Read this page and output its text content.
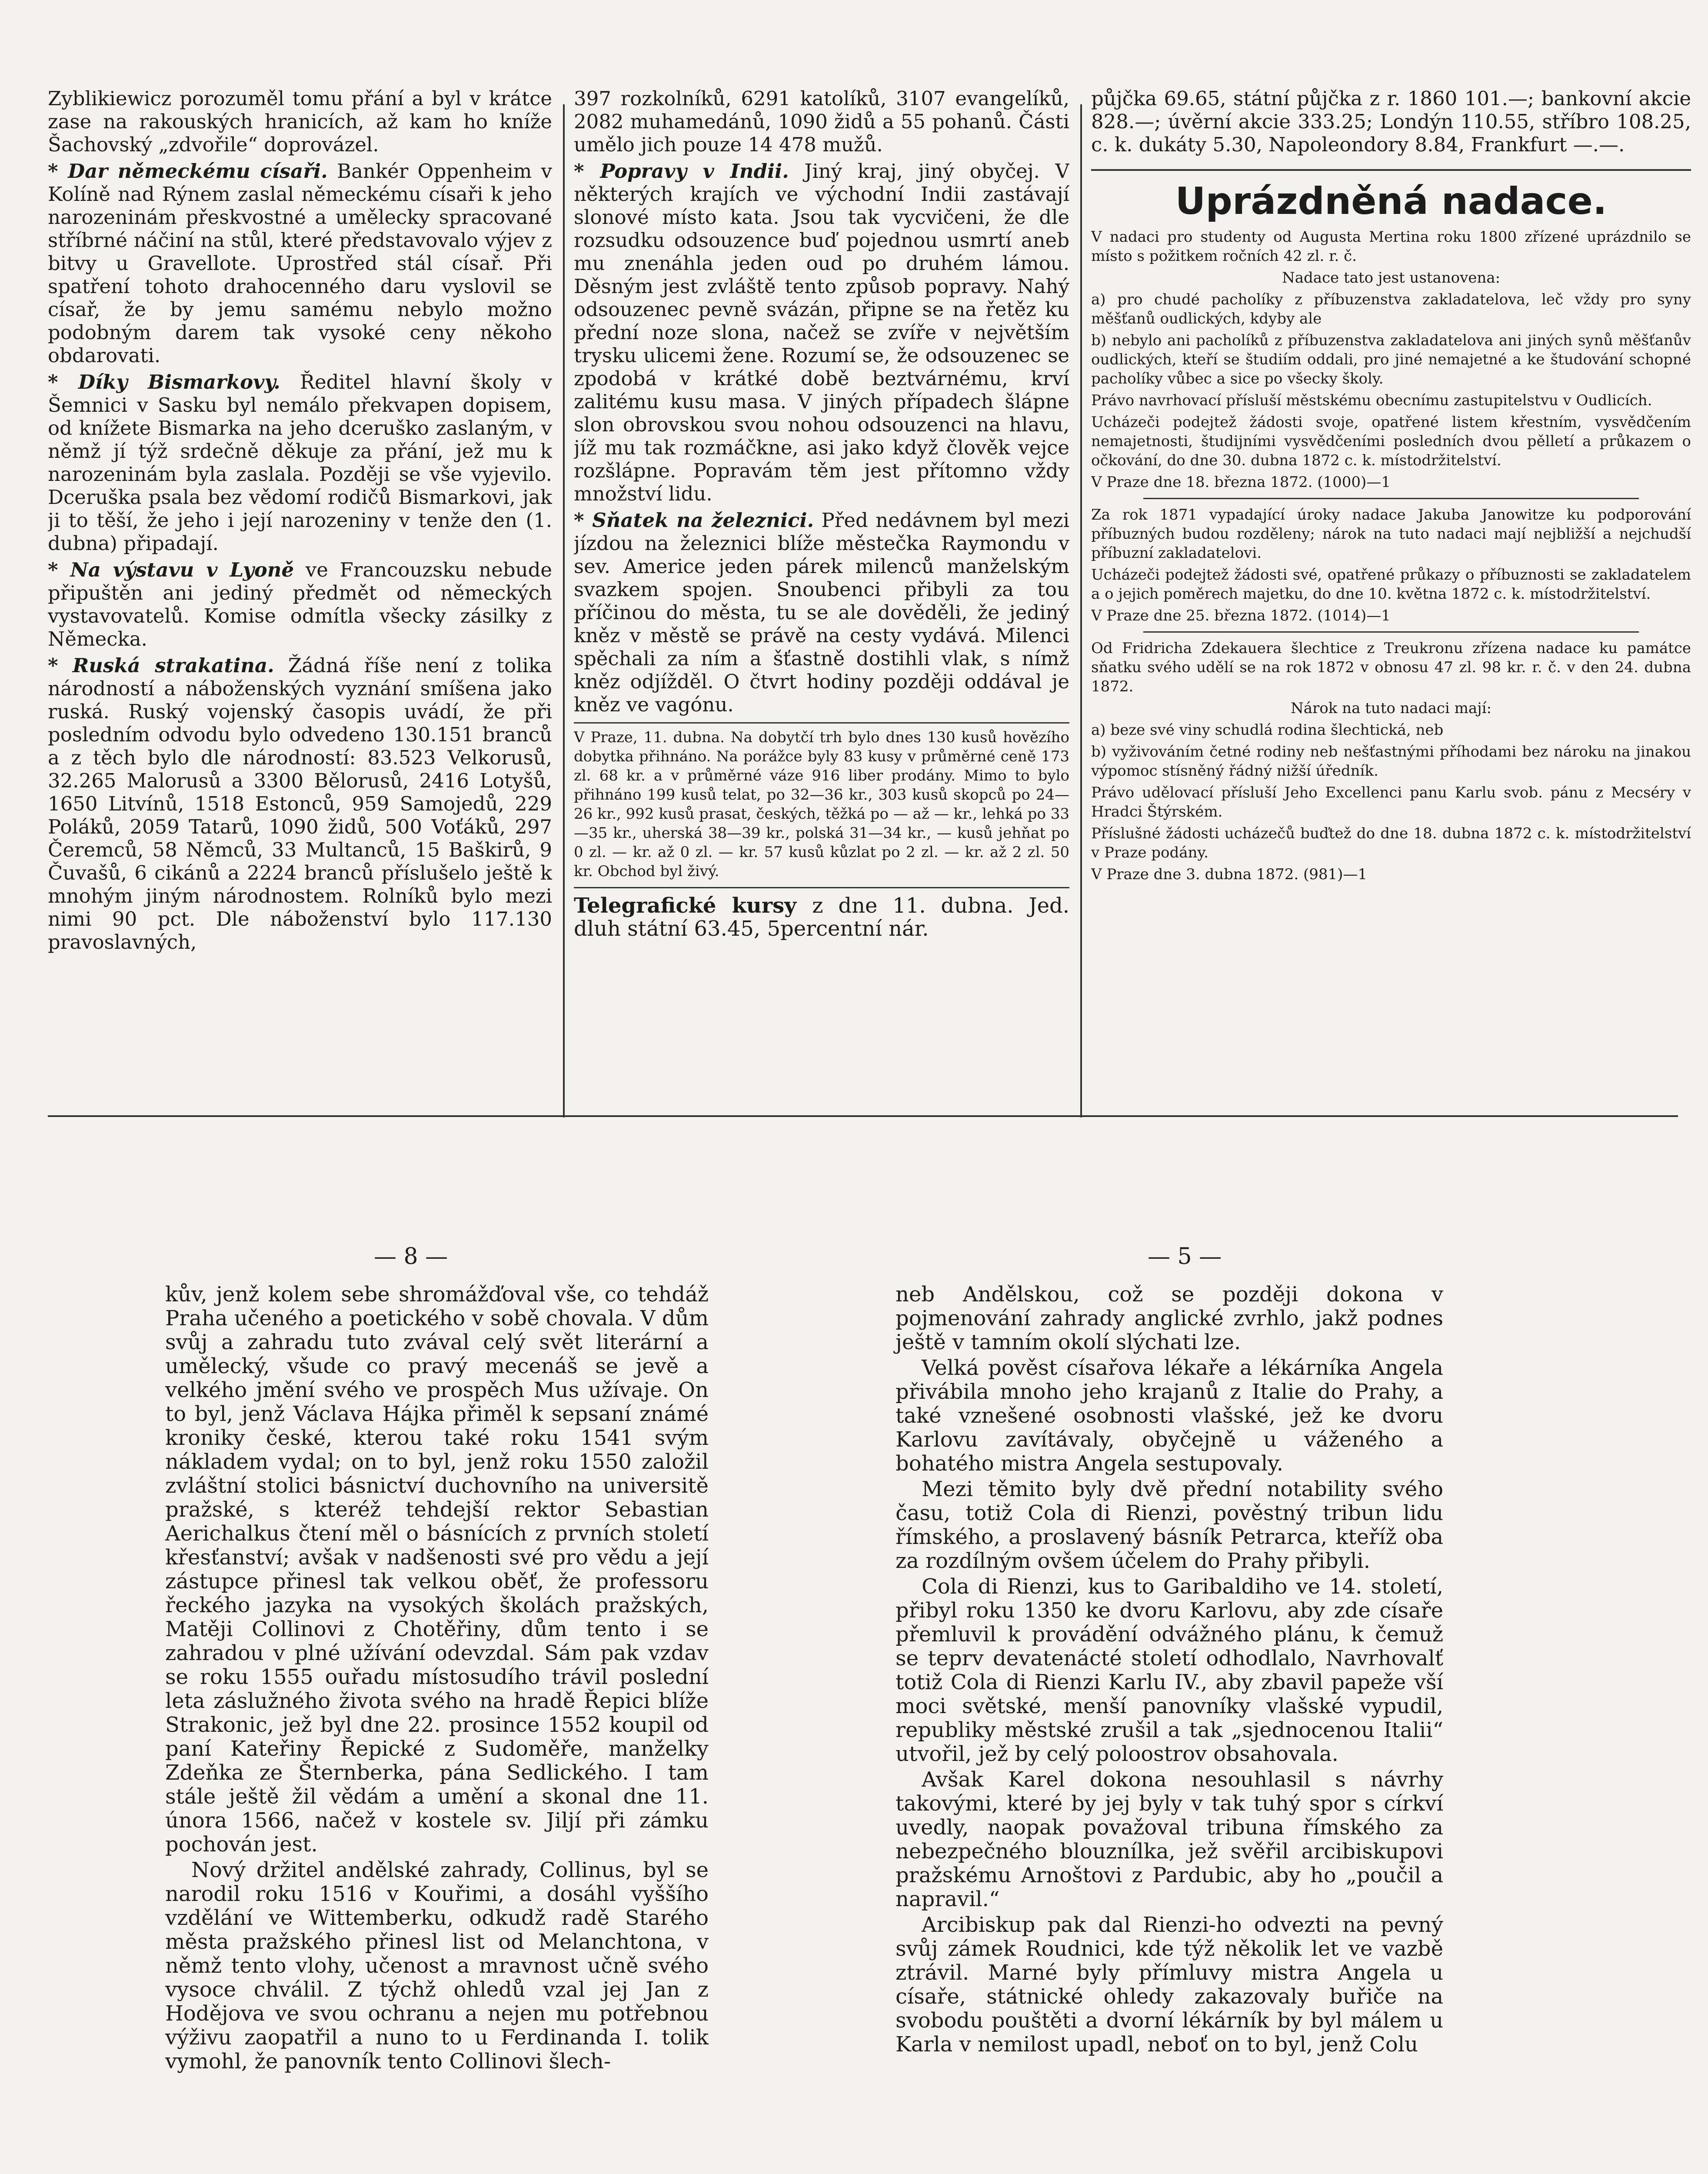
Zyblikiewicz porozuměl tomu přání a byl v krátce zase na rakouských hranicích, až kam ho kníže Šachovský „zdvořile“ doprovázel.

* Dar německému císaři. Bankér Oppenheim v Kolíně nad Rýnem zaslal německému císaři k jeho narozeninám přeskvostné a umělecky spracované stříbrné náčiní na stůl, které představovalo výjev z bitvy u Gravellote. Uprostřed stál císař. Při spatření tohoto drahocenného daru vyslovil se císař, že by jemu samému nebylo možno podobným darem tak vysoké ceny někoho obdarovati.

* Díky Bismarkovy. Ředitel hlavní školy v Šemnici v Sasku byl nemálo překvapen dopisem, od knížete Bismarka na jeho dceruško zaslaným, v němž jí týž srdečně děkuje za přání, jež mu k narozeninám byla zaslala. Později se vše vyjevilo. Dceruška psala bez vědomí rodičů Bismarkovi, jak ji to těší, že jeho i její narozeniny v tenže den (1. dubna) připadají.

* Na výstavu v Lyoně ve Francouzsku nebude připuštěn ani jediný předmět od německých vystavovatelů. Komise odmítla všecky zásilky z Německa.

* Ruská strakatina. Žádná říše není z tolika národností a náboženských vyznání smíšena jako ruská. Ruský vojenský časopis uvádí, že při posledním odvodu bylo odvedeno 130.151 branců a z těch bylo dle národností: 83.523 Velkorusů, 32.265 Malorusů a 3300 Bělorusů, 2416 Lotyšů, 1650 Litvínů, 1518 Estonců, 959 Samojedů, 229 Poláků, 2059 Tatarů, 1090 židů, 500 Voťáků, 297 Čeremců, 58 Němců, 33 Multanců, 15 Baškirů, 9 Čuvašů, 6 cikánů a 2224 branců příslušelo ještě k mnohým jiným národnostem. Rolníků bylo mezi nimi 90 pct. Dle náboženství bylo 117.130 pravoslavných,

397 rozkolníků, 6291 katolíků, 3107 evangelíků, 2082 muhamedánů, 1090 židů a 55 pohanů. Části umělo jich pouze 14 478 mužů.

* Popravy v Indii. Jiný kraj, jiný obyčej. V některých krajích ve východní Indii zastávají slonové místo kata. Jsou tak vycvičeni, že dle rozsudku odsouzence buď pojednou usmrtí aneb mu znenáhla jeden oud po druhém lámou. Děsným jest zvláště tento způsob popravy. Nahý odsouzenec pevně svázán, připne se na řetěz ku přední noze slona, načež se zvíře v největším trysku ulicemi žene. Rozumí se, že odsouzenec se zpodobá v krátké době beztvárnému, krví zalitému kusu masa. V jiných případech šlápne slon obrovskou svou nohou odsouzenci na hlavu, jíž mu tak rozmáčkne, asi jako když člověk vejce rozšlápne. Popravám těm jest přítomno vždy množství lidu.

* Sňatek na železnici. Před nedávnem byl mezi jízdou na železnici blíže městečka Raymondu v sev. Americe jeden párek milenců manželským svazkem spojen. Snoubenci přibyli za tou příčinou do města, tu se ale dověděli, že jediný kněz v městě se právě na cesty vydává. Milenci spěchali za ním a šťastně dostihli vlak, s nímž kněz odjížděl. O čtvrt hodiny později oddával je kněz ve vagónu.

V Praze, 11. dubna. Na dobytčí trh bylo dnes 130 kusů hovězího dobytka přihnáno. Na porážce byly 83 kusy v průměrné ceně 173 zl. 68 kr. a v průměrné váze 916 liber prodány. Mimo to bylo přihnáno 199 kusů telat, po 32—36 kr., 303 kusů skopců po 24—26 kr., 992 kusů prasat, českých, těžká po — až — kr., lehká po 33—35 kr., uherská 38—39 kr., polská 31—34 kr., — kusů jehňat po 0 zl. — kr. až 0 zl. — kr. 57 kusů kůzlat po 2 zl. — kr. až 2 zl. 50 kr. Obchod byl živý.
Telegrafické kursy z dne 11. dubna. Jed. dluh státní 63.45, 5percentní nár.

půjčka 69.65, státní půjčka z r. 1860 101.—; bankovní akcie 828.—; úvěrní akcie 333.25; Londýn 110.55, stříbro 108.25, c. k. dukáty 5.30, Napoleondory 8.84, Frankfurt —.—.

Uprázdněná nadace.

V nadaci pro studenty od Augusta Mertina roku 1800 zřízené uprázdnilo se místo s požitkem ročních 42 zl. r. č.

Nadace tato jest ustanovena:

a) pro chudé pacholíky z příbuzenstva zakladatelova, leč vždy pro syny měšťanů oudlických, kdyby ale

b) nebylo ani pacholíků z příbuzenstva zakladatelova ani jiných synů měšťanův oudlických, kteří se študiím oddali, pro jiné nemajetné a ke študování schopné pacholíky vůbec a sice po všecky školy.

Právo navrhovací přísluší městskému obecnímu zastupitelstvu v Oudlicích.

Ucházeči podejtež žádosti svoje, opatřené listem křestním, vysvědčením nemajetnosti, študijními vysvědčeními posledních dvou pělletí a průkazem o očkování, do dne 30. dubna 1872 c. k. místodržitelství.

V Praze dne 18. března 1872. (1000)—1

Za rok 1871 vypadající úroky nadace Jakuba Janowitze ku podporování příbuzných budou rozděleny; nárok na tuto nadaci mají nejbližší a nejchudší příbuzní zakladatelovi.

Ucházeči podejtež žádosti své, opatřené průkazy o příbuznosti se zakladatelem a o jejich poměrech majetku, do dne 10. května 1872 c. k. místodržitelství.

V Praze dne 25. března 1872. (1014)—1

Od Fridricha Zdekauera šlechtice z Treukronu zřízena nadace ku památce sňatku svého udělí se na rok 1872 v obnosu 47 zl. 98 kr. r. č. v den 24. dubna 1872.

Nárok na tuto nadaci mají:

a) beze své viny schudlá rodina šlechtická, neb

b) vyživováním četné rodiny neb nešťastnými příhodami bez nároku na jinakou výpomoc stísněný řádný nižší úředník.

Právo udělovací přísluší Jeho Excellenci panu Karlu svob. pánu z Mecséry v Hradci Štýrském.

Příslušné žádosti ucházečů buďtež do dne 18. dubna 1872 c. k. místodržitelství v Praze podány.

V Praze dne 3. dubna 1872. (981)—1

— 8 —	— 5 —

kův, jenž kolem sebe shromážďoval vše, co tehdáž Praha učeného a poetického v sobě chovala. V dům svůj a zahradu tuto zvával celý svět literární a umělecký, všude co pravý mecenáš se jevě a velkého jmění svého ve prospěch Mus užívaje. On to byl, jenž Václava Hájka přiměl k sepsaní známé kroniky české, kterou také roku 1541 svým nákladem vydal; on to byl, jenž roku 1550 založil zvláštní stolici básnictví duchovního na universitě pražské, s kteréž tehdejší rektor Sebastian Aerichalkus čtení měl o básnících z prvních století křesťanství; avšak v nadšenosti své pro vědu a její zástupce přinesl tak velkou oběť, že professoru řeckého jazyka na vysokých školách pražských, Matěji Collinovi z Chotěřiny, dům tento i se zahradou v plné užívání odevzdal. Sám pak vzdav se roku 1555 ouřadu místosudího trávil poslední leta záslužného života svého na hradě Řepici blíže Strakonic, jež byl dne 22. prosince 1552 koupil od paní Kateřiny Řepické z Sudoměře, manželky Zdeňka ze Šternberka, pána Sedlického. I tam stále ještě žil vědám a umění a skonal dne 11. února 1566, načež v kostele sv. Jiljí při zámku pochován jest.

Nový držitel andělské zahrady, Collinus, byl se narodil roku 1516 v Kouřimi, a dosáhl vyššího vzdělání ve Wittemberku, odkudž radě Starého města pražského přinesl list od Melanchtona, v němž tento vlohy, učenost a mravnost učně svého vysoce chválil. Z týchž ohledů vzal jej Jan z Hodějova ve svou ochranu a nejen mu potřebnou výživu zaopatřil a nuno to u Ferdinanda I. tolik vymohl, že panovník tento Collinovi šlech-

neb Andělskou, což se později dokona v pojmenování zahrady anglické zvrhlo, jakž podnes ještě v tamním okolí slýchati lze.

Velká pověst císařova lékaře a lékárníka Angela přivábila mnoho jeho krajanů z Italie do Prahy, a také vznešené osobnosti vlašské, jež ke dvoru Karlovu zavítávaly, obyčejně u váženého a bohatého mistra Angela sestupovaly.

Mezi těmito byly dvě přední notability svého času, totiž Cola di Rienzi, pověstný tribun lidu římského, a proslavený básník Petrarca, kteříž oba za rozdílným ovšem účelem do Prahy přibyli.

Cola di Rienzi, kus to Garibaldiho ve 14. století, přibyl roku 1350 ke dvoru Karlovu, aby zde císaře přemluvil k provádění odvážného plánu, k čemuž se teprv devatenácté století odhodlalo, Navrhovalť totiž Cola di Rienzi Karlu IV., aby zbavil papeže vší moci světské, menší panovníky vlašské vypudil, republiky městské zrušil a tak „sjednocenou Italii“ utvořil, jež by celý poloostrov obsahovala.

Avšak Karel dokona nesouhlasil s návrhy takovými, které by jej byly v tak tuhý spor s církví uvedly, naopak považoval tribuna římského za nebezpečného blouznílka, jež svěřil arcibiskupovi pražskému Arnoštovi z Pardubic, aby ho „poučil a napravil.“

Arcibiskup pak dal Rienzi-ho odvezti na pevný svůj zámek Roudnici, kde týž několik let ve vazbě ztrávil. Marné byly přímluvy mistra Angela u císaře, státnické ohledy zakazovaly buřiče na svobodu pouštěti a dvorní lékárník by byl málem u Karla v nemilost upadl, neboť on to byl, jenž Colu
